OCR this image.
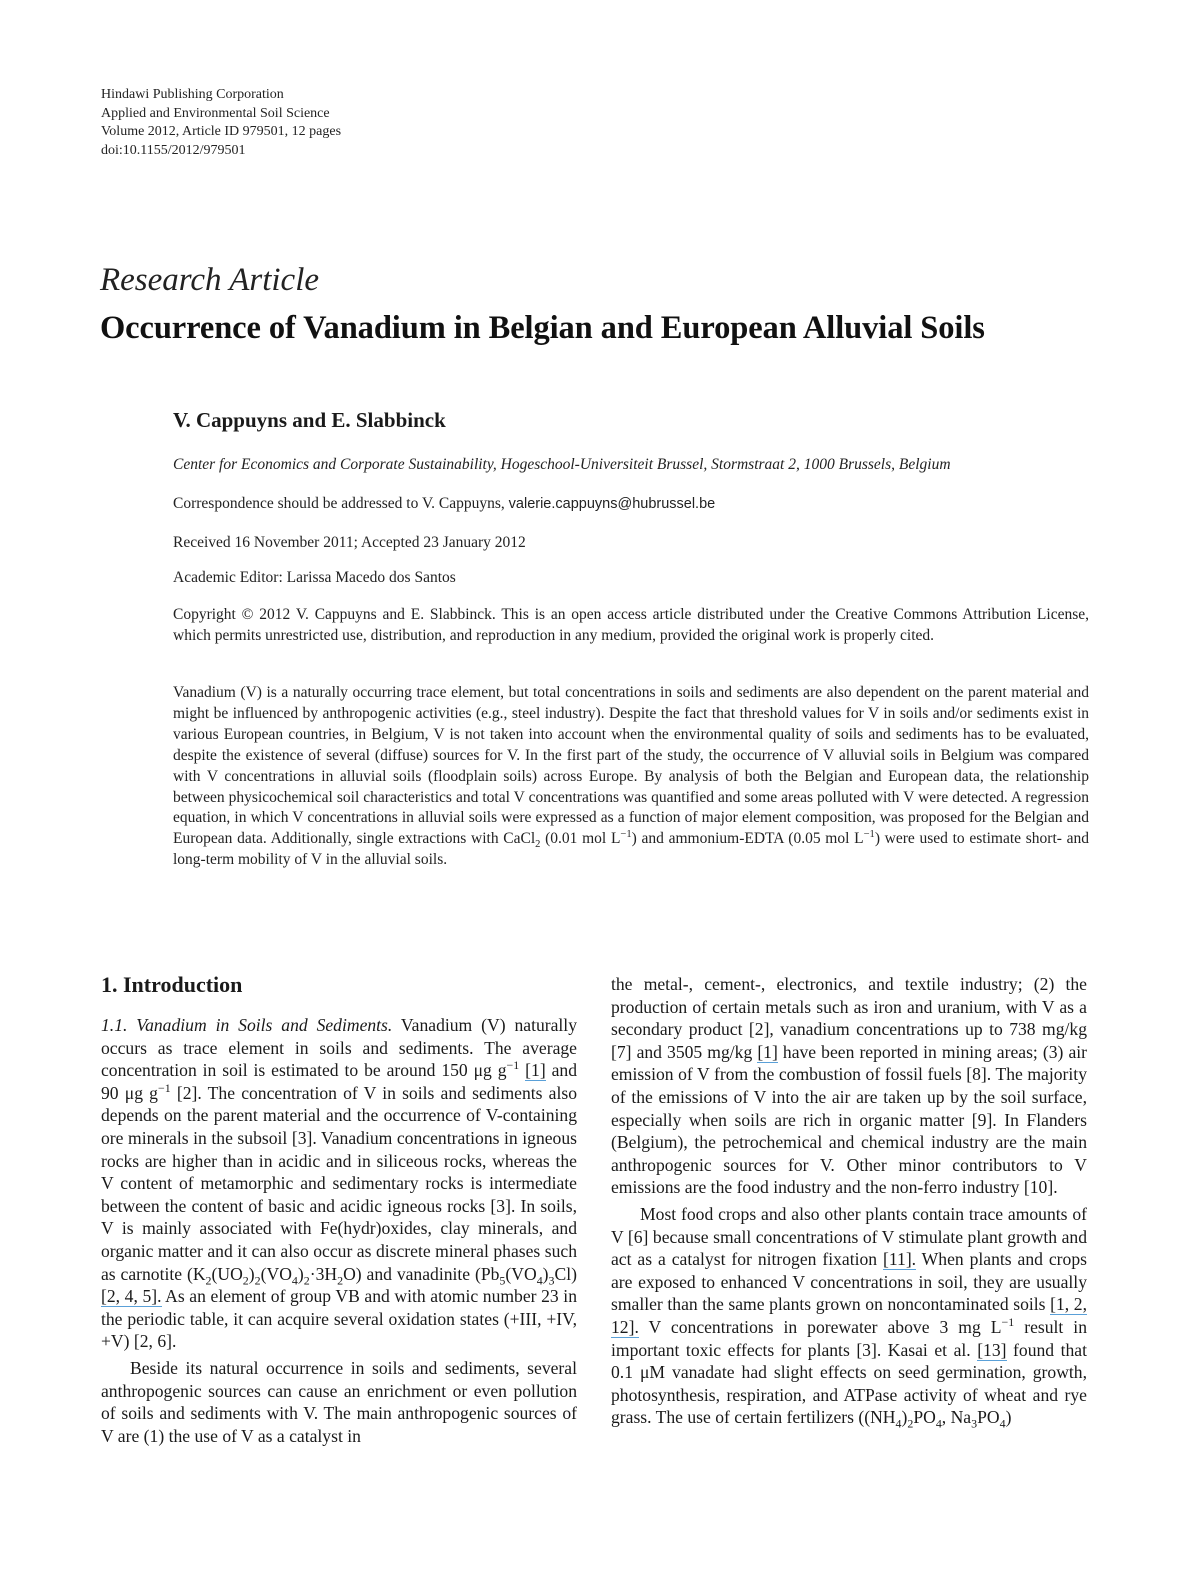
Hindawi Publishing Corporation
Applied and Environmental Soil Science
Volume 2012, Article ID 979501, 12 pages
doi:10.1155/2012/979501
Research Article
Occurrence of Vanadium in Belgian and European Alluvial Soils
V. Cappuyns and E. Slabbinck
Center for Economics and Corporate Sustainability, Hogeschool-Universiteit Brussel, Stormstraat 2, 1000 Brussels, Belgium
Correspondence should be addressed to V. Cappuyns, valerie.cappuyns@hubrussel.be
Received 16 November 2011; Accepted 23 January 2012
Academic Editor: Larissa Macedo dos Santos
Copyright © 2012 V. Cappuyns and E. Slabbinck. This is an open access article distributed under the Creative Commons Attribution License, which permits unrestricted use, distribution, and reproduction in any medium, provided the original work is properly cited.
Vanadium (V) is a naturally occurring trace element, but total concentrations in soils and sediments are also dependent on the parent material and might be influenced by anthropogenic activities (e.g., steel industry). Despite the fact that threshold values for V in soils and/or sediments exist in various European countries, in Belgium, V is not taken into account when the environmental quality of soils and sediments has to be evaluated, despite the existence of several (diffuse) sources for V. In the first part of the study, the occurrence of V alluvial soils in Belgium was compared with V concentrations in alluvial soils (floodplain soils) across Europe. By analysis of both the Belgian and European data, the relationship between physicochemical soil characteristics and total V concentrations was quantified and some areas polluted with V were detected. A regression equation, in which V concentrations in alluvial soils were expressed as a function of major element composition, was proposed for the Belgian and European data. Additionally, single extractions with CaCl$_2$ (0.01 mol $L^{-1}$) and ammonium-EDTA (0.05 mol $L^{-1}$) were used to estimate short- and long-term mobility of V in the alluvial soils.
1. Introduction

1.1. Vanadium in Soils and Sediments. Vanadium (V) naturally occurs as trace element in soils and sediments. The average concentration in soil is estimated to be around 150 μg $g^{-1}$ [1] and 90 μg $g^{-1}$ [2]. The concentration of V in soils and sediments also depends on the parent material and the occurrence of V-containing ore minerals in the subsoil [3]. Vanadium concentrations in igneous rocks are higher than in acidic and in siliceous rocks, whereas the V content of metamorphic and sedimentary rocks is intermediate between the content of basic and acidic igneous rocks [3]. In soils, V is mainly associated with Fe(hydr)oxides, clay minerals, and organic matter and it can also occur as discrete mineral phases such as carnotite $(K_2(UO_2)_2(VO_4)_2\cdot 3H_2O)$ and vanadinite $(Pb_5(VO_4)_3Cl)$ [2, 4, 5]. As an element of group VB and with atomic number 23 in the periodic table, it can acquire several oxidation states (+III, +IV, +V) [2, 6].

Beside its natural occurrence in soils and sediments, several anthropogenic sources can cause an enrichment or even pollution of soils and sediments with V. The main anthropogenic sources of V are (1) the use of V as a catalyst in

the metal-, cement-, electronics, and textile industry; (2) the production of certain metals such as iron and uranium, with V as a secondary product [2], vanadium concentrations up to 738 mg/kg [7] and 3505 mg/kg [1] have been reported in mining areas; (3) air emission of V from the combustion of fossil fuels [8]. The majority of the emissions of V into the air are taken up by the soil surface, especially when soils are rich in organic matter [9]. In Flanders (Belgium), the petrochemical and chemical industry are the main anthropogenic sources for V. Other minor contributors to V emissions are the food industry and the non-ferro industry [10].

Most food crops and also other plants contain trace amounts of V [6] because small concentrations of V stimulate plant growth and act as a catalyst for nitrogen fixation [11]. When plants and crops are exposed to enhanced V concentrations in soil, they are usually smaller than the same plants grown on noncontaminated soils [1, 2, 12]. V concentrations in porewater above 3 mg $L^{-1}$ result in important toxic effects for plants [3]. Kasai et al. [13] found that 0.1 μM vanadate had slight effects on seed germination, growth, photosynthesis, respiration, and ATPase activity of wheat and rye grass. The use of certain fertilizers ($(NH_4)_2PO_4$, $Na_3PO_4$)
